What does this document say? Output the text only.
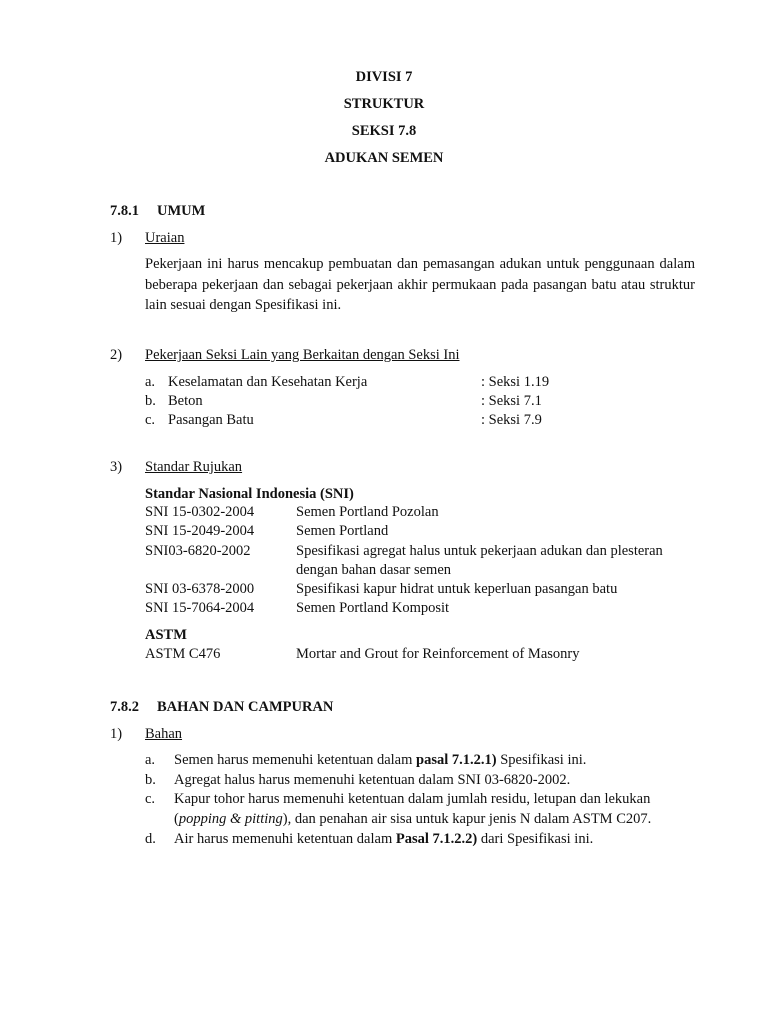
DIVISI 7
STRUKTUR
SEKSI 7.8
ADUKAN SEMEN
7.8.1 UMUM
1) Uraian
Pekerjaan ini harus mencakup pembuatan dan pemasangan adukan untuk penggunaan dalam beberapa pekerjaan dan sebagai pekerjaan akhir permukaan pada pasangan batu atau struktur lain sesuai dengan Spesifikasi ini.
2) Pekerjaan Seksi Lain yang Berkaitan dengan Seksi Ini
a. Keselamatan dan Kesehatan Kerja	: Seksi 1.19
b. Beton	: Seksi 7.1
c. Pasangan Batu	: Seksi 7.9
3) Standar Rujukan
Standar Nasional Indonesia (SNI)
SNI 15-0302-2004	Semen Portland Pozolan
SNI 15-2049-2004	Semen Portland
SNI03-6820-2002	Spesifikasi agregat halus untuk pekerjaan adukan dan plesteran
dengan bahan dasar semen
SNI 03-6378-2000	Spesifikasi kapur hidrat untuk keperluan pasangan batu
SNI 15-7064-2004	Semen Portland Komposit
ASTM
ASTM C476	Mortar and Grout for Reinforcement of Masonry
7.8.2 BAHAN DAN CAMPURAN
1) Bahan
a. Semen harus memenuhi ketentuan dalam pasal 7.1.2.1) Spesifikasi ini.
b. Agregat halus harus memenuhi ketentuan dalam SNI 03-6820-2002.
c. Kapur tohor harus memenuhi ketentuan dalam jumlah residu, letupan dan lekukan
(popping & pitting), dan penahan air sisa untuk kapur jenis N dalam ASTM C207.
d. Air harus memenuhi ketentuan dalam Pasal 7.1.2.2) dari Spesifikasi ini.
